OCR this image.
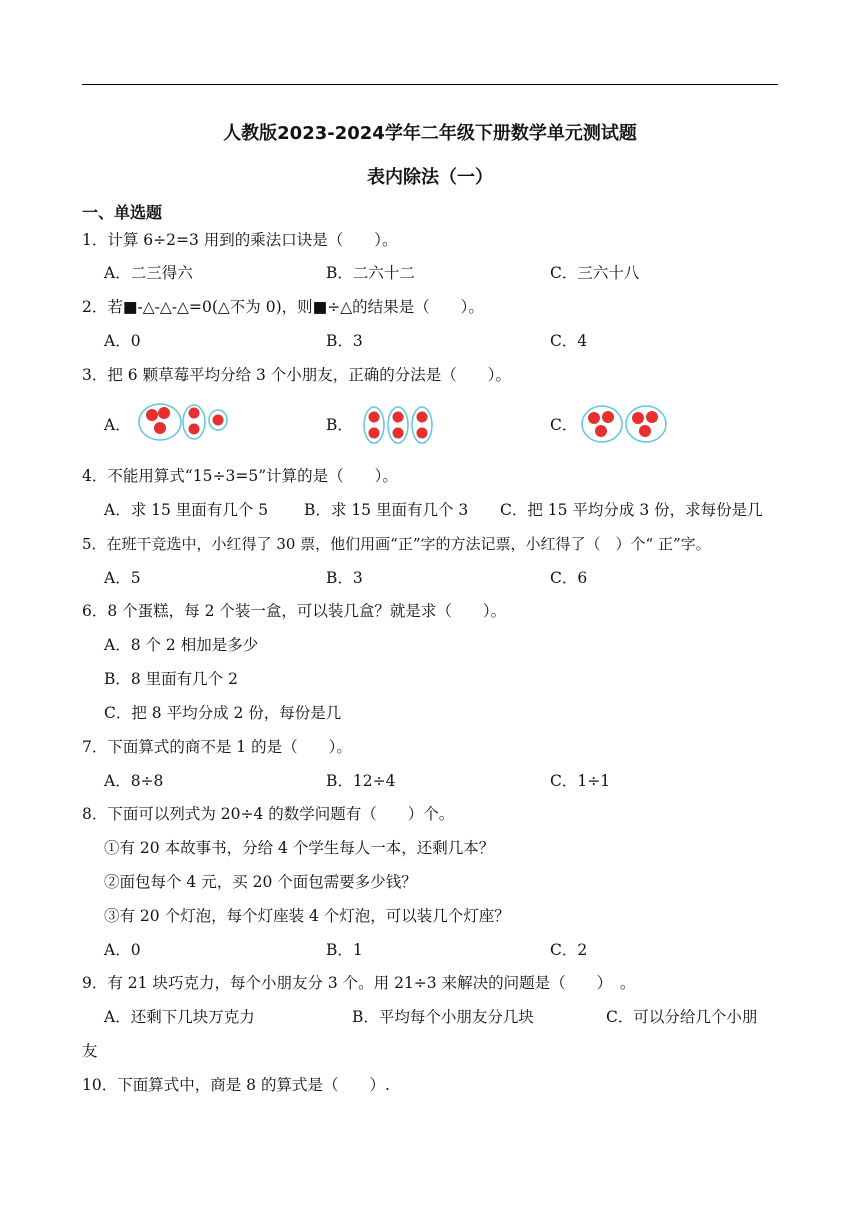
人教版2023-2024学年二年级下册数学单元测试题
表内除法（一）
一、单选题
1．计算 6÷2=3 用到的乘法口诀是（　　）。
A．二三得六	B．二六十二	C．三六十八
2．若■-△-△-△=0(△不为 0)，则■÷△的结果是（　　）。
A．0	B．3	C．4
3．把 6 颗草莓平均分给 3 个小朋友，正确的分法是（　　）。
A．	B．	C．
4．不能用算式“15÷3=5”计算的是（　　）。
A．求 15 里面有几个 5 B．求 15 里面有几个 3 C．把 15 平均分成 3 份，求每份是几
5．在班干竞选中，小红得了 30 票，他们用画“正”字的方法记票，小红得了（　）个“ 正”字。
A．5	B．3	C．6
6．8 个蛋糕，每 2 个装一盒，可以装几盒？就是求（　　）。
A．8 个 2 相加是多少
B．8 里面有几个 2
C．把 8 平均分成 2 份，每份是几
7．下面算式的商不是 1 的是（　　）。
A．8÷8	B．12÷4	C．1÷1
8．下面可以列式为 20÷4 的数学问题有（　　）个。
①有 20 本故事书，分给 4 个学生每人一本，还剩几本？
②面包每个 4 元，买 20 个面包需要多少钱？
③有 20 个灯泡，每个灯座装 4 个灯泡，可以装几个灯座？
A．0	B．1	C．2
9．有 21 块巧克力，每个小朋友分 3 个。用 21÷3 来解决的问题是（　　）　。
A．还剩下几块万克力	B．平均每个小朋友分几块	C．可以分给几个小朋
友
10．下面算式中，商是 8 的算式是（　　）.
